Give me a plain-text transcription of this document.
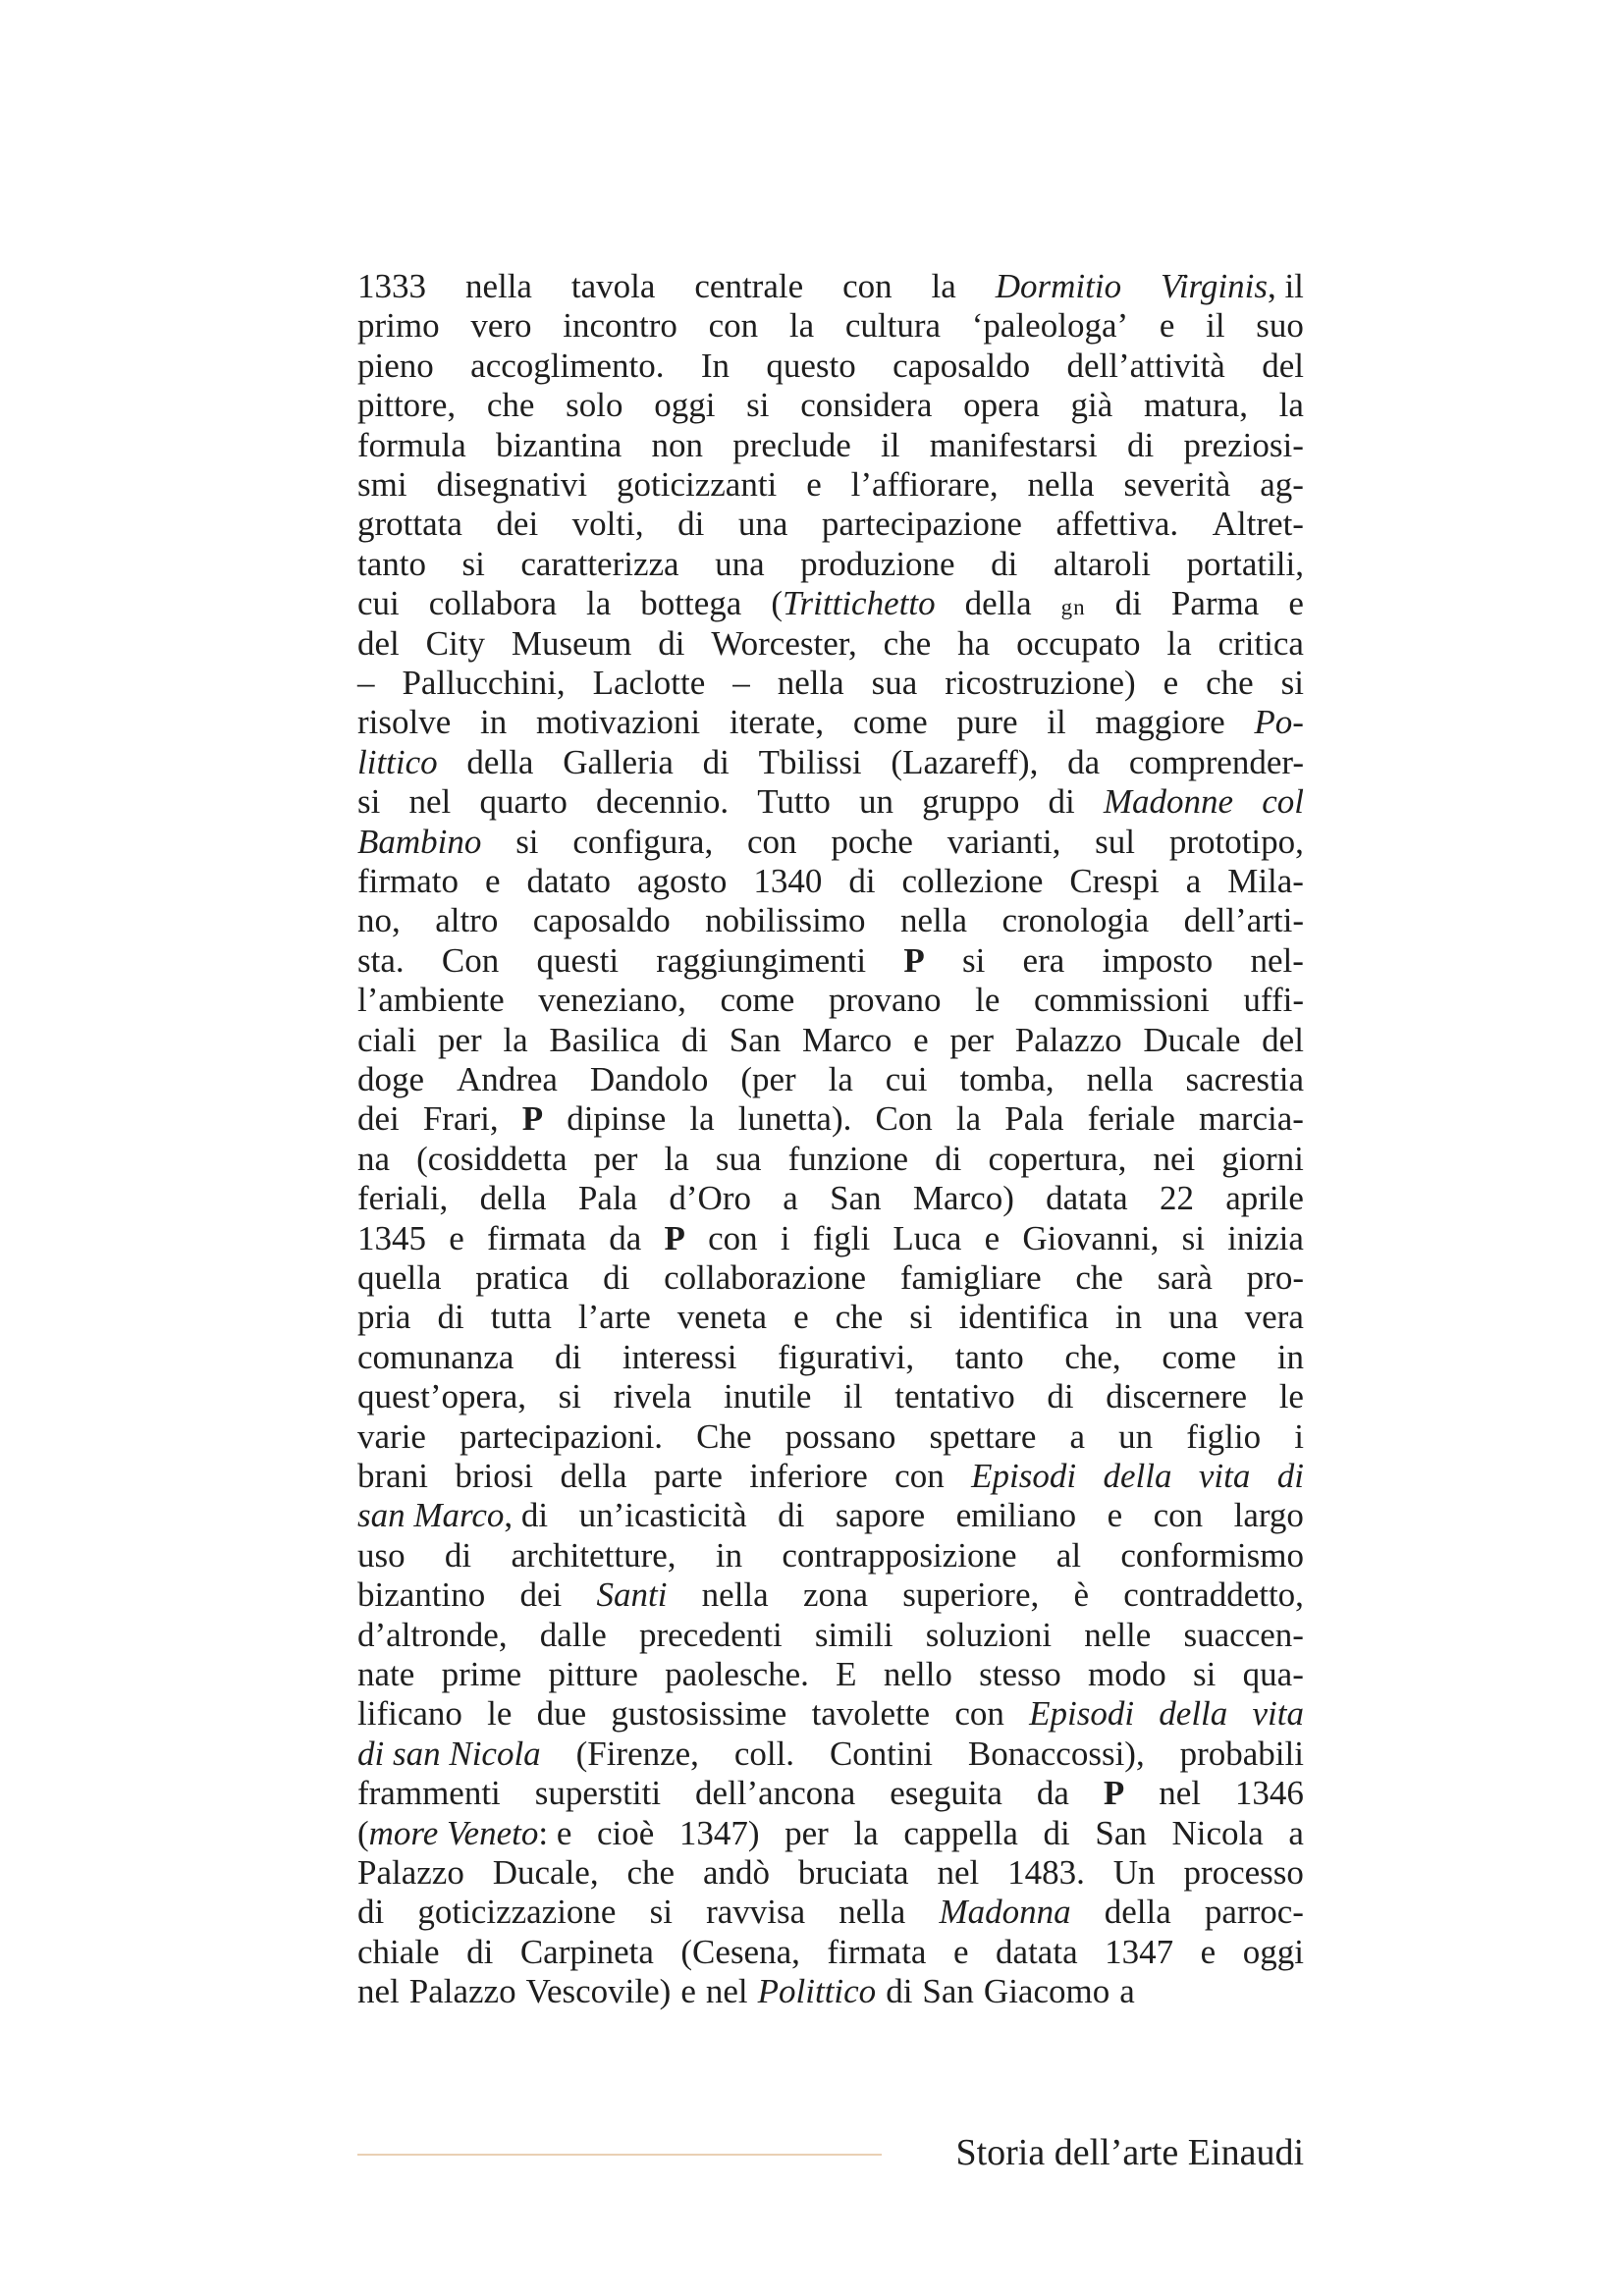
1333 nella tavola centrale con la Dormitio Virginis, il
primo vero incontro con la cultura ‘paleologa’ e il suo
pieno accoglimento. In questo caposaldo dell’attività del
pittore, che solo oggi si considera opera già matura, la
formula bizantina non preclude il manifestarsi di preziosi-
smi disegnativi goticizzanti e l’affiorare, nella severità ag-
grottata dei volti, di una partecipazione affettiva. Altret-
tanto si caratterizza una produzione di altaroli portatili,
cui collabora la bottega (Trittichetto della gn di Parma e
del City Museum di Worcester, che ha occupato la critica
– Pallucchini, Laclotte – nella sua ricostruzione) e che si
risolve in motivazioni iterate, come pure il maggiore Po-
littico della Galleria di Tbilissi (Lazareff), da comprender-
si nel quarto decennio. Tutto un gruppo di Madonne col
Bambino si configura, con poche varianti, sul prototipo,
firmato e datato agosto 1340 di collezione Crespi a Mila-
no, altro caposaldo nobilissimo nella cronologia dell’arti-
sta. Con questi raggiungimenti P si era imposto nel-
l’ambiente veneziano, come provano le commissioni uffi-
ciali per la Basilica di San Marco e per Palazzo Ducale del
doge Andrea Dandolo (per la cui tomba, nella sacrestia
dei Frari, P dipinse la lunetta). Con la Pala feriale marcia-
na (cosiddetta per la sua funzione di copertura, nei giorni
feriali, della Pala d’Oro a San Marco) datata 22 aprile
1345 e firmata da P con i figli Luca e Giovanni, si inizia
quella pratica di collaborazione famigliare che sarà pro-
pria di tutta l’arte veneta e che si identifica in una vera
comunanza di interessi figurativi, tanto che, come in
quest’opera, si rivela inutile il tentativo di discernere le
varie partecipazioni. Che possano spettare a un figlio i
brani briosi della parte inferiore con Episodi della vita di
san Marco, di un’icasticità di sapore emiliano e con largo
uso di architetture, in contrapposizione al conformismo
bizantino dei Santi nella zona superiore, è contraddetto,
d’altronde, dalle precedenti simili soluzioni nelle suaccen-
nate prime pitture paolesche. E nello stesso modo si qua-
lificano le due gustosissime tavolette con Episodi della vita
di san Nicola (Firenze, coll. Contini Bonaccossi), probabili
frammenti superstiti dell’ancona eseguita da P nel 1346
(more Veneto: e cioè 1347) per la cappella di San Nicola a
Palazzo Ducale, che andò bruciata nel 1483. Un processo
di goticizzazione si ravvisa nella Madonna della parroc-
chiale di Carpineta (Cesena, firmata e datata 1347 e oggi
nel Palazzo Vescovile) e nel Polittico di San Giacomo a
Storia dell’arte Einaudi
